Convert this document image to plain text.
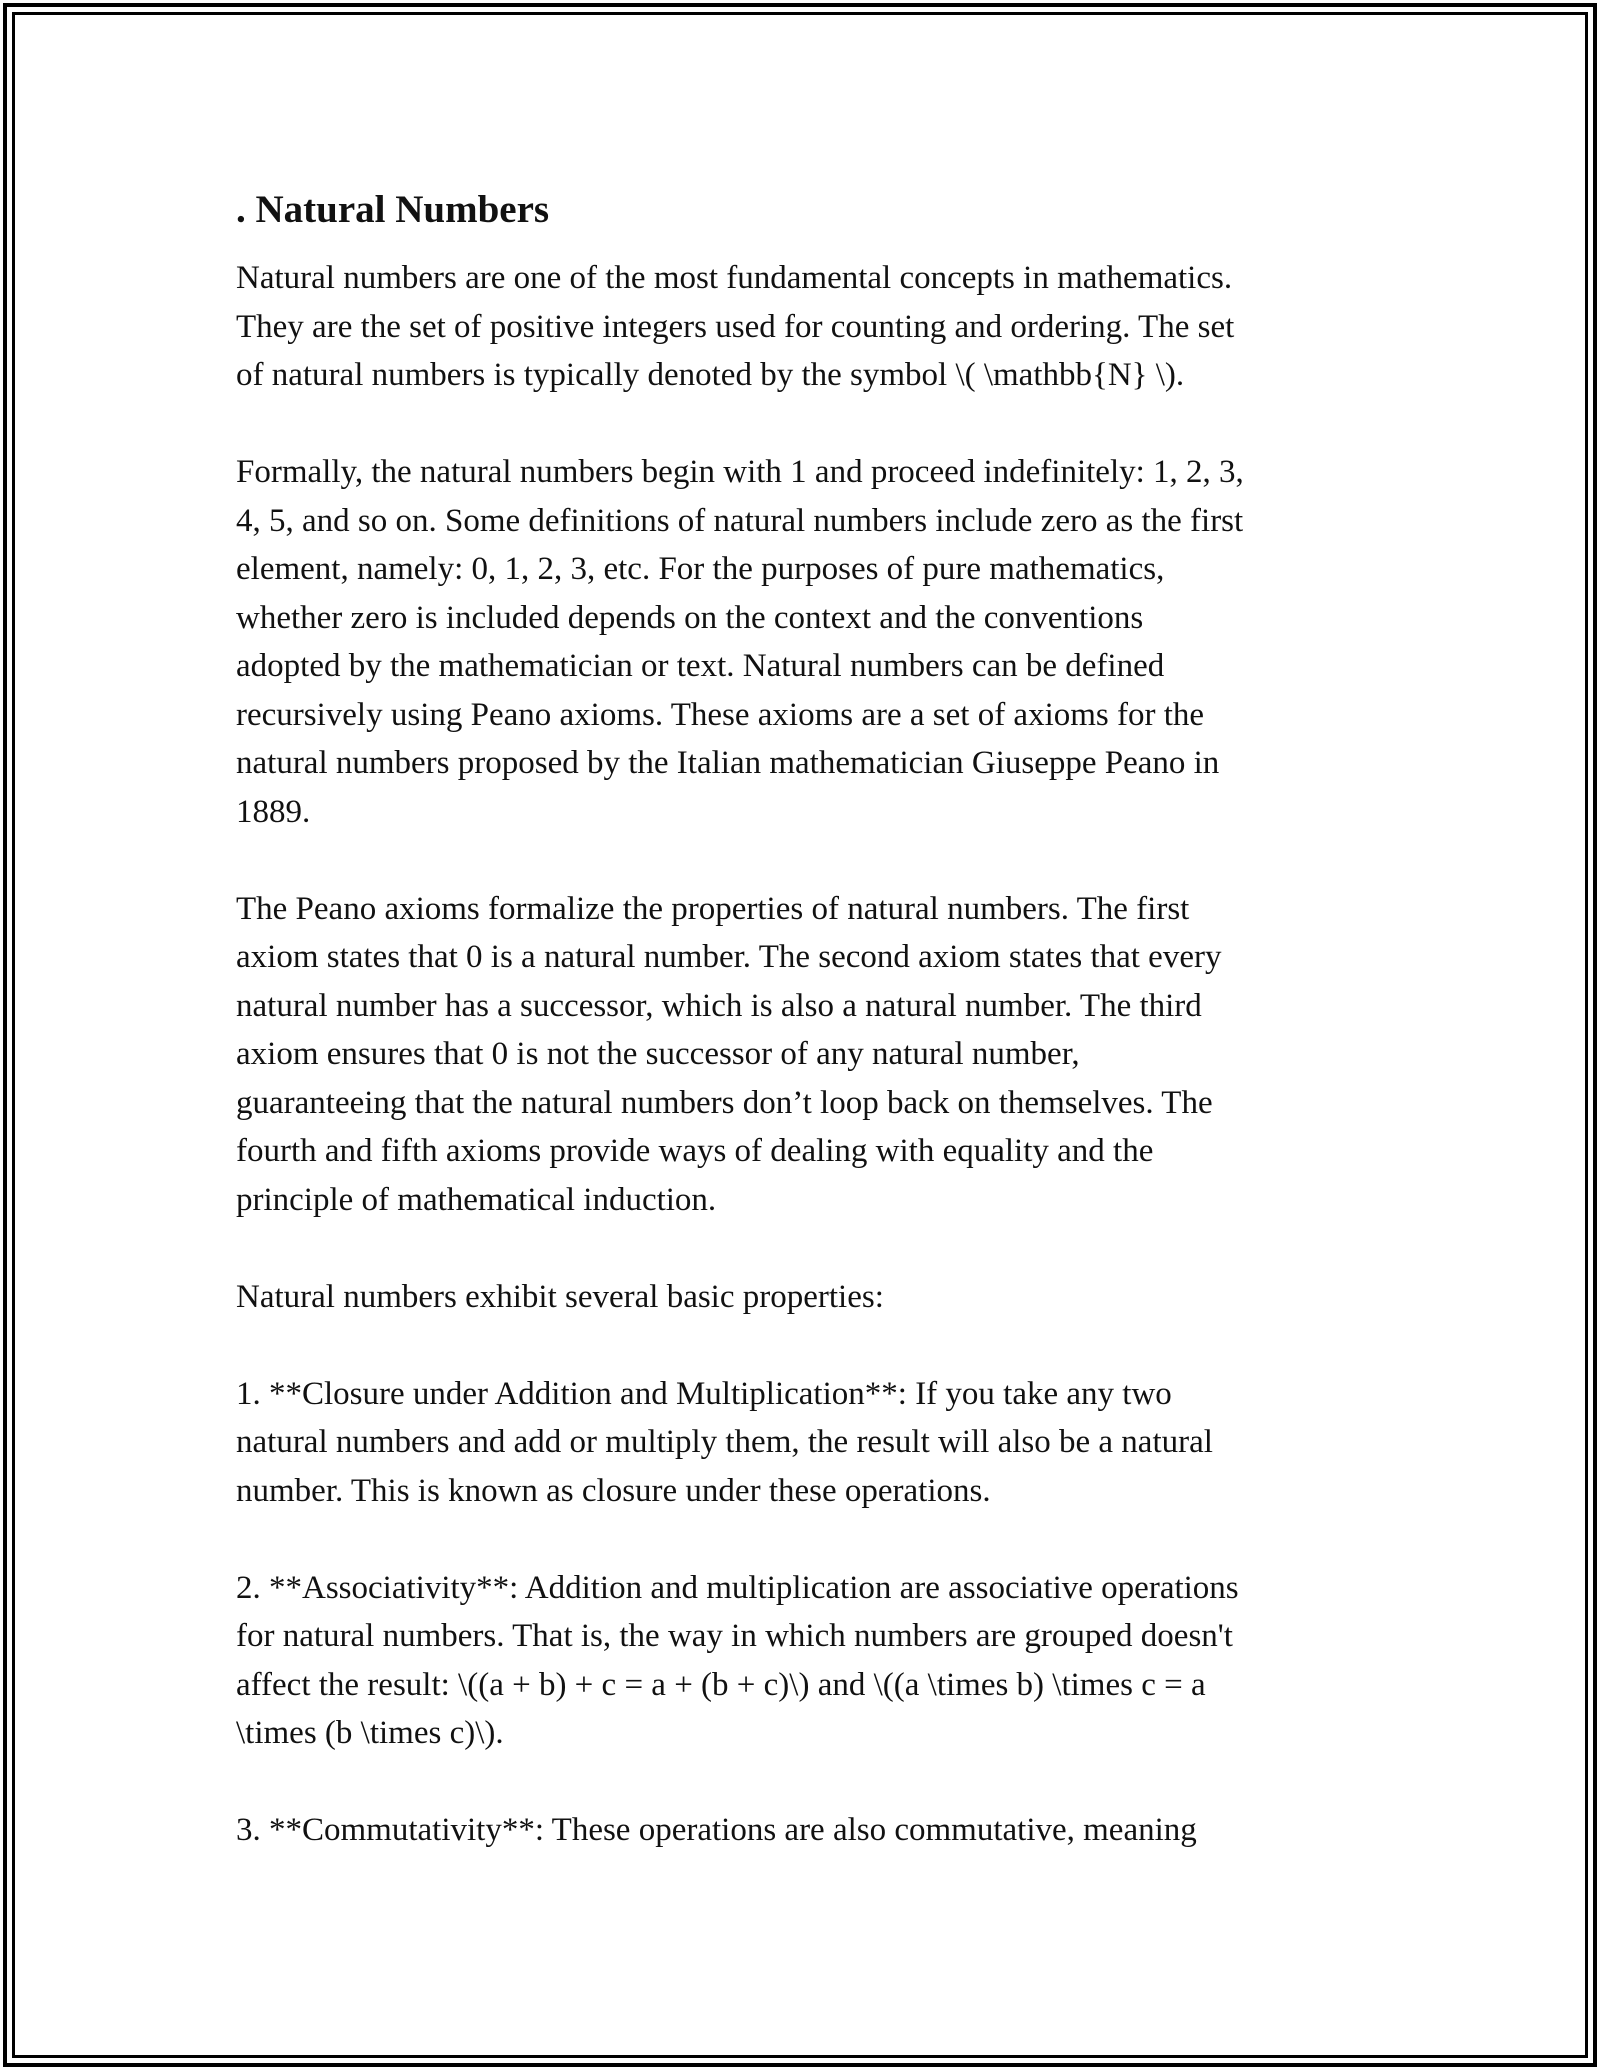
. Natural Numbers

Natural numbers are one of the most fundamental concepts in mathematics.
They are the set of positive integers used for counting and ordering. The set
of natural numbers is typically denoted by the symbol \( \mathbb{N} \).

Formally, the natural numbers begin with 1 and proceed indefinitely: 1, 2, 3,
4, 5, and so on. Some definitions of natural numbers include zero as the first
element, namely: 0, 1, 2, 3, etc. For the purposes of pure mathematics,
whether zero is included depends on the context and the conventions
adopted by the mathematician or text. Natural numbers can be defined
recursively using Peano axioms. These axioms are a set of axioms for the
natural numbers proposed by the Italian mathematician Giuseppe Peano in
1889.

The Peano axioms formalize the properties of natural numbers. The first
axiom states that 0 is a natural number. The second axiom states that every
natural number has a successor, which is also a natural number. The third
axiom ensures that 0 is not the successor of any natural number,
guaranteeing that the natural numbers don’t loop back on themselves. The
fourth and fifth axioms provide ways of dealing with equality and the
principle of mathematical induction.

Natural numbers exhibit several basic properties:

1. **Closure under Addition and Multiplication**: If you take any two
natural numbers and add or multiply them, the result will also be a natural
number. This is known as closure under these operations.

2. **Associativity**: Addition and multiplication are associative operations
for natural numbers. That is, the way in which numbers are grouped doesn't
affect the result: \((a + b) + c = a + (b + c)\) and \((a \times b) \times c = a
\times (b \times c)\).

3. **Commutativity**: These operations are also commutative, meaning
